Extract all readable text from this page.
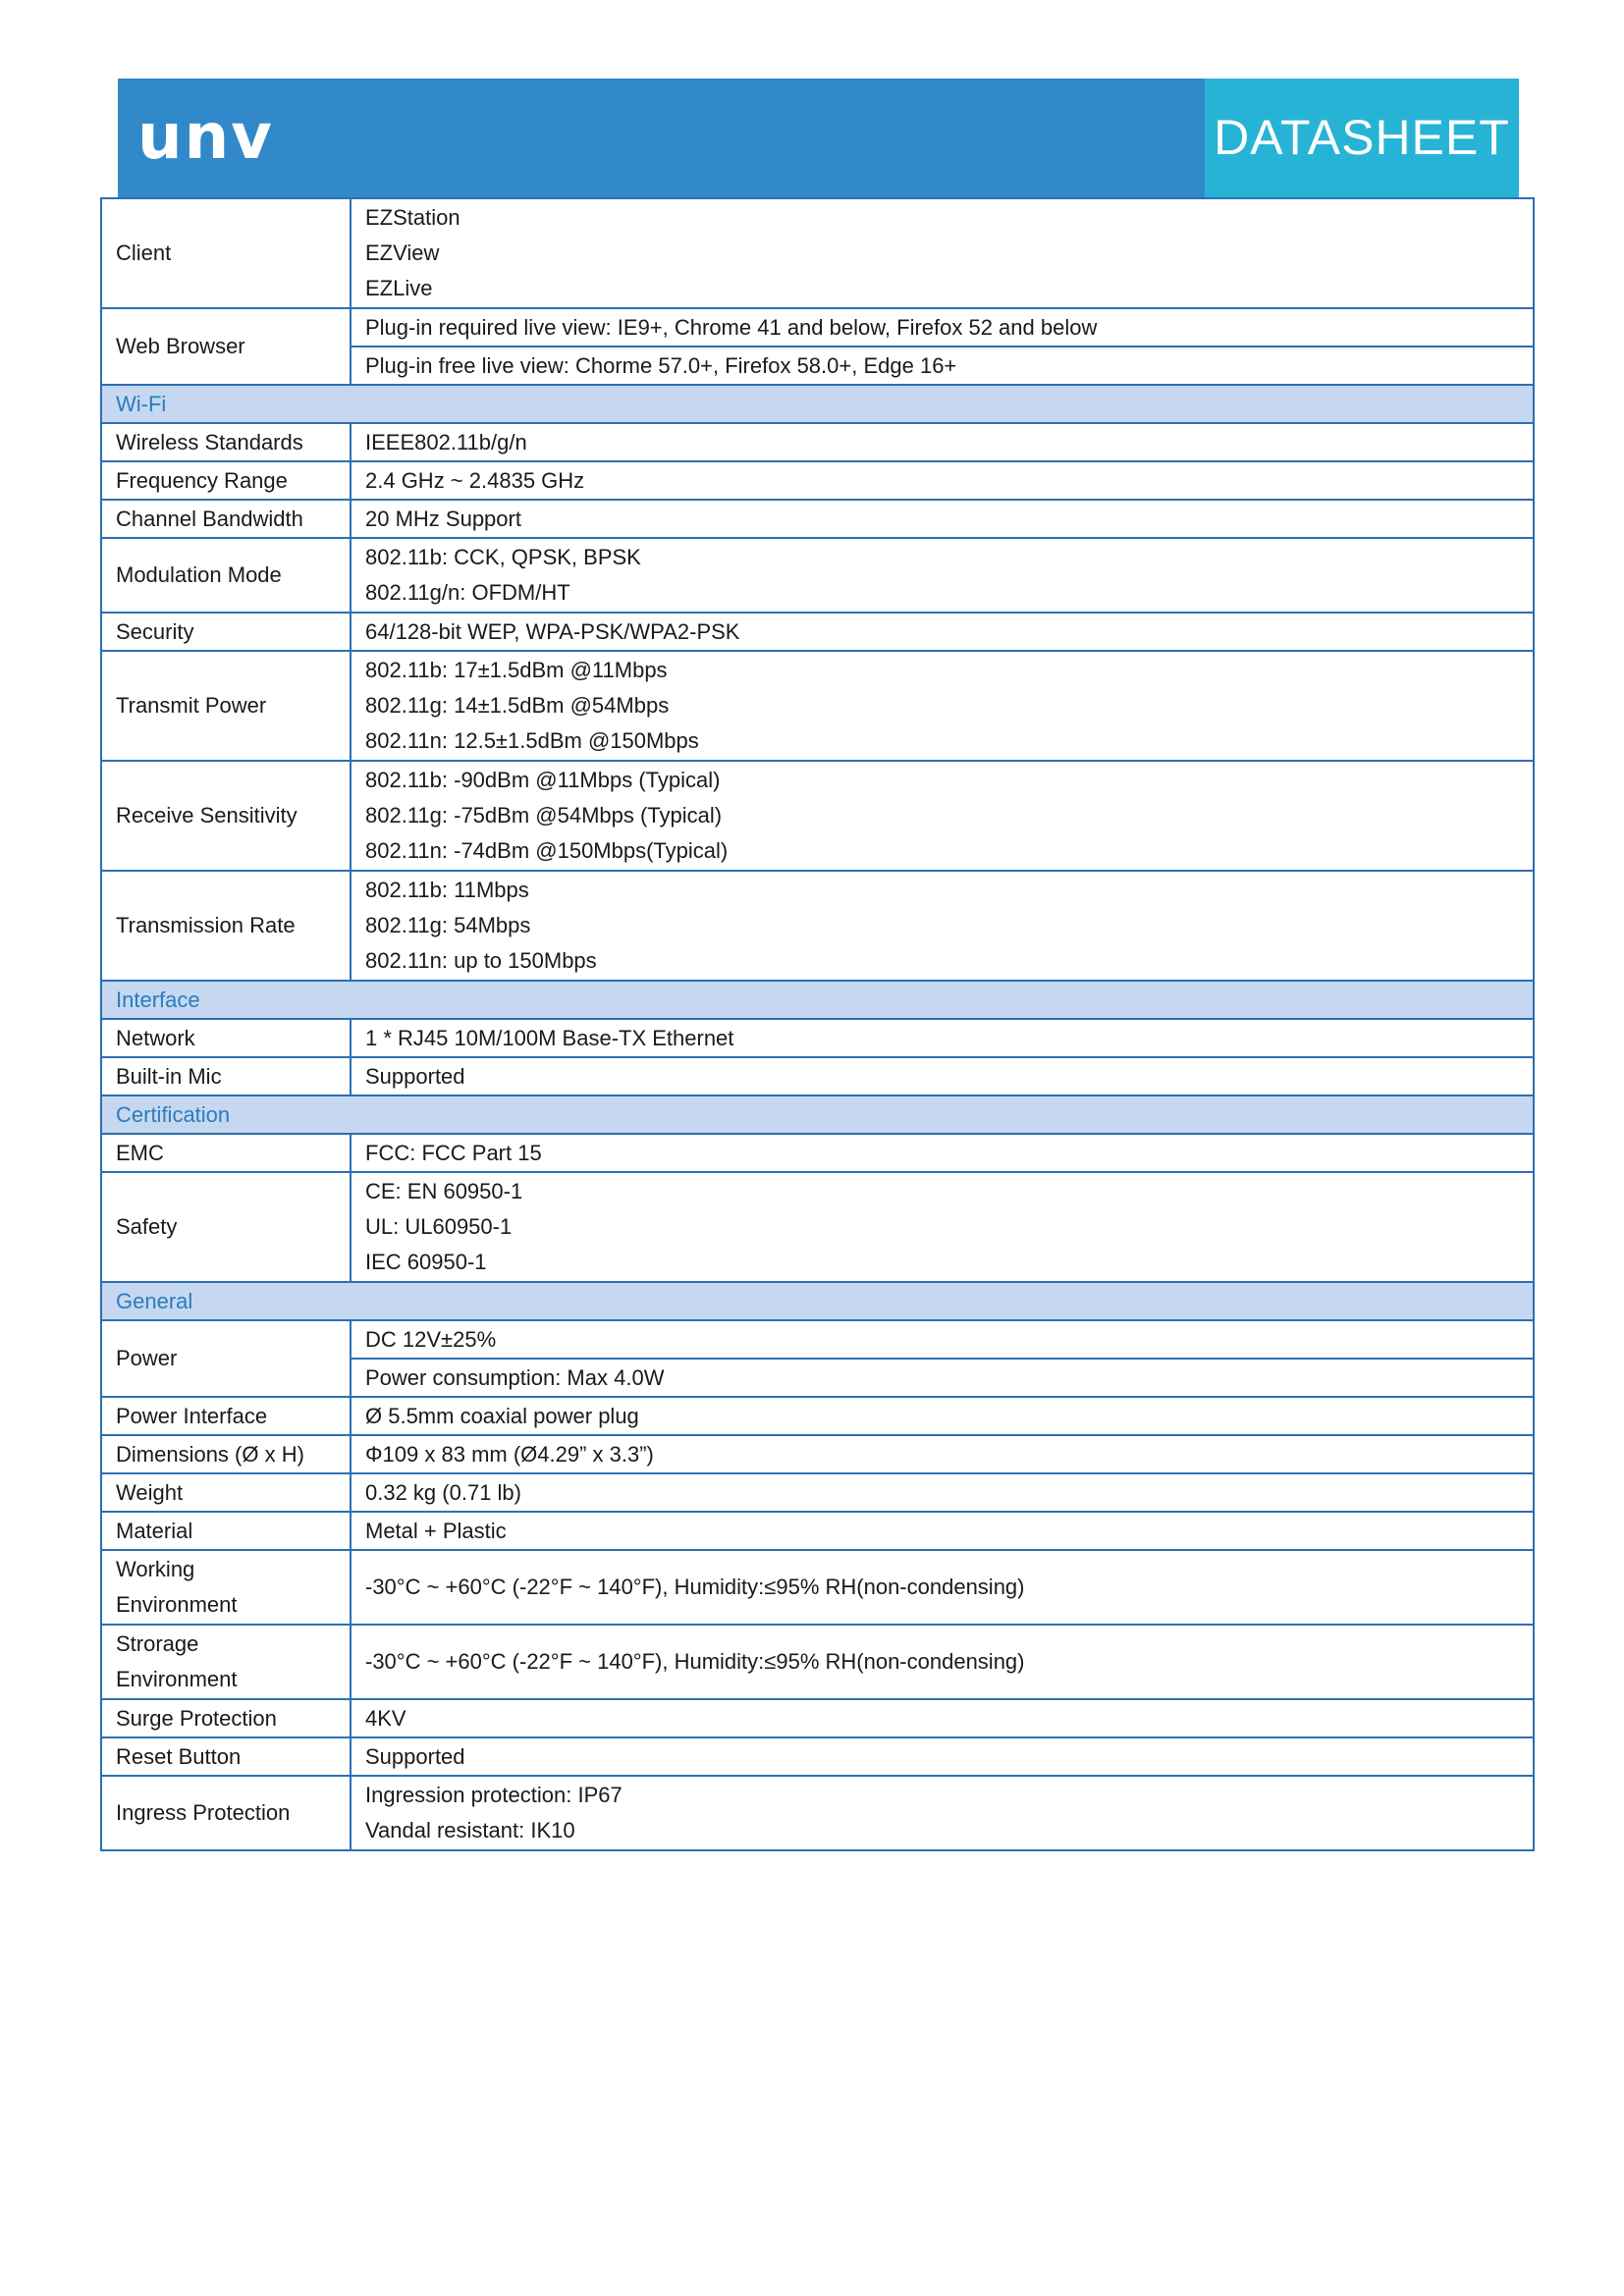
unv	DATASHEET
Client	EZStation
EZView
EZLive

Web Browser	Plug-in required live view: IE9+, Chrome 41 and below, Firefox 52 and below
	Plug-in free live view: Chorme 57.0+, Firefox 58.0+, Edge 16+
Wi-Fi	
Wireless Standards	IEEE802.11b/g/n
Frequency Range	2.4 GHz ~ 2.4835 GHz
Channel Bandwidth	20 MHz Support
Modulation Mode	802.11b: CCK, QPSK, BPSK
802.11g/n: OFDM/HT

Security	64/128-bit WEP, WPA-PSK/WPA2-PSK
Transmit Power	802.11b: 17±1.5dBm @11Mbps
802.11g: 14±1.5dBm @54Mbps
802.11n: 12.5±1.5dBm @150Mbps

Receive Sensitivity	802.11b: -90dBm @11Mbps (Typical)
802.11g: -75dBm @54Mbps (Typical)
802.11n: -74dBm @150Mbps(Typical)

Transmission Rate	802.11b: 11Mbps
802.11g: 54Mbps
802.11n: up to 150Mbps

Interface	
Network	1 * RJ45 10M/100M Base-TX Ethernet
Built-in Mic	Supported
Certification	
EMC	FCC: FCC Part 15
Safety	CE: EN 60950-1
UL: UL60950-1
IEC 60950-1

General	
Power	DC 12V±25%
	Power consumption: Max 4.0W
Power Interface	Ø 5.5mm coaxial power plug
Dimensions (Ø x H)	Φ109 x 83 mm (Ø4.29” x 3.3”)
Weight	0.32 kg (0.71 lb)
Material	Metal + Plastic

Working
Environment	-30°C ~ +60°C (-22°F ~ 140°F), Humidity:≤95% RH(non-condensing)

Strorage
Environment	-30°C ~ +60°C (-22°F ~ 140°F), Humidity:≤95% RH(non-condensing)
Surge Protection	4KV
Reset Button	Supported
Ingress Protection	Ingression protection: IP67
Vandal resistant: IK10
